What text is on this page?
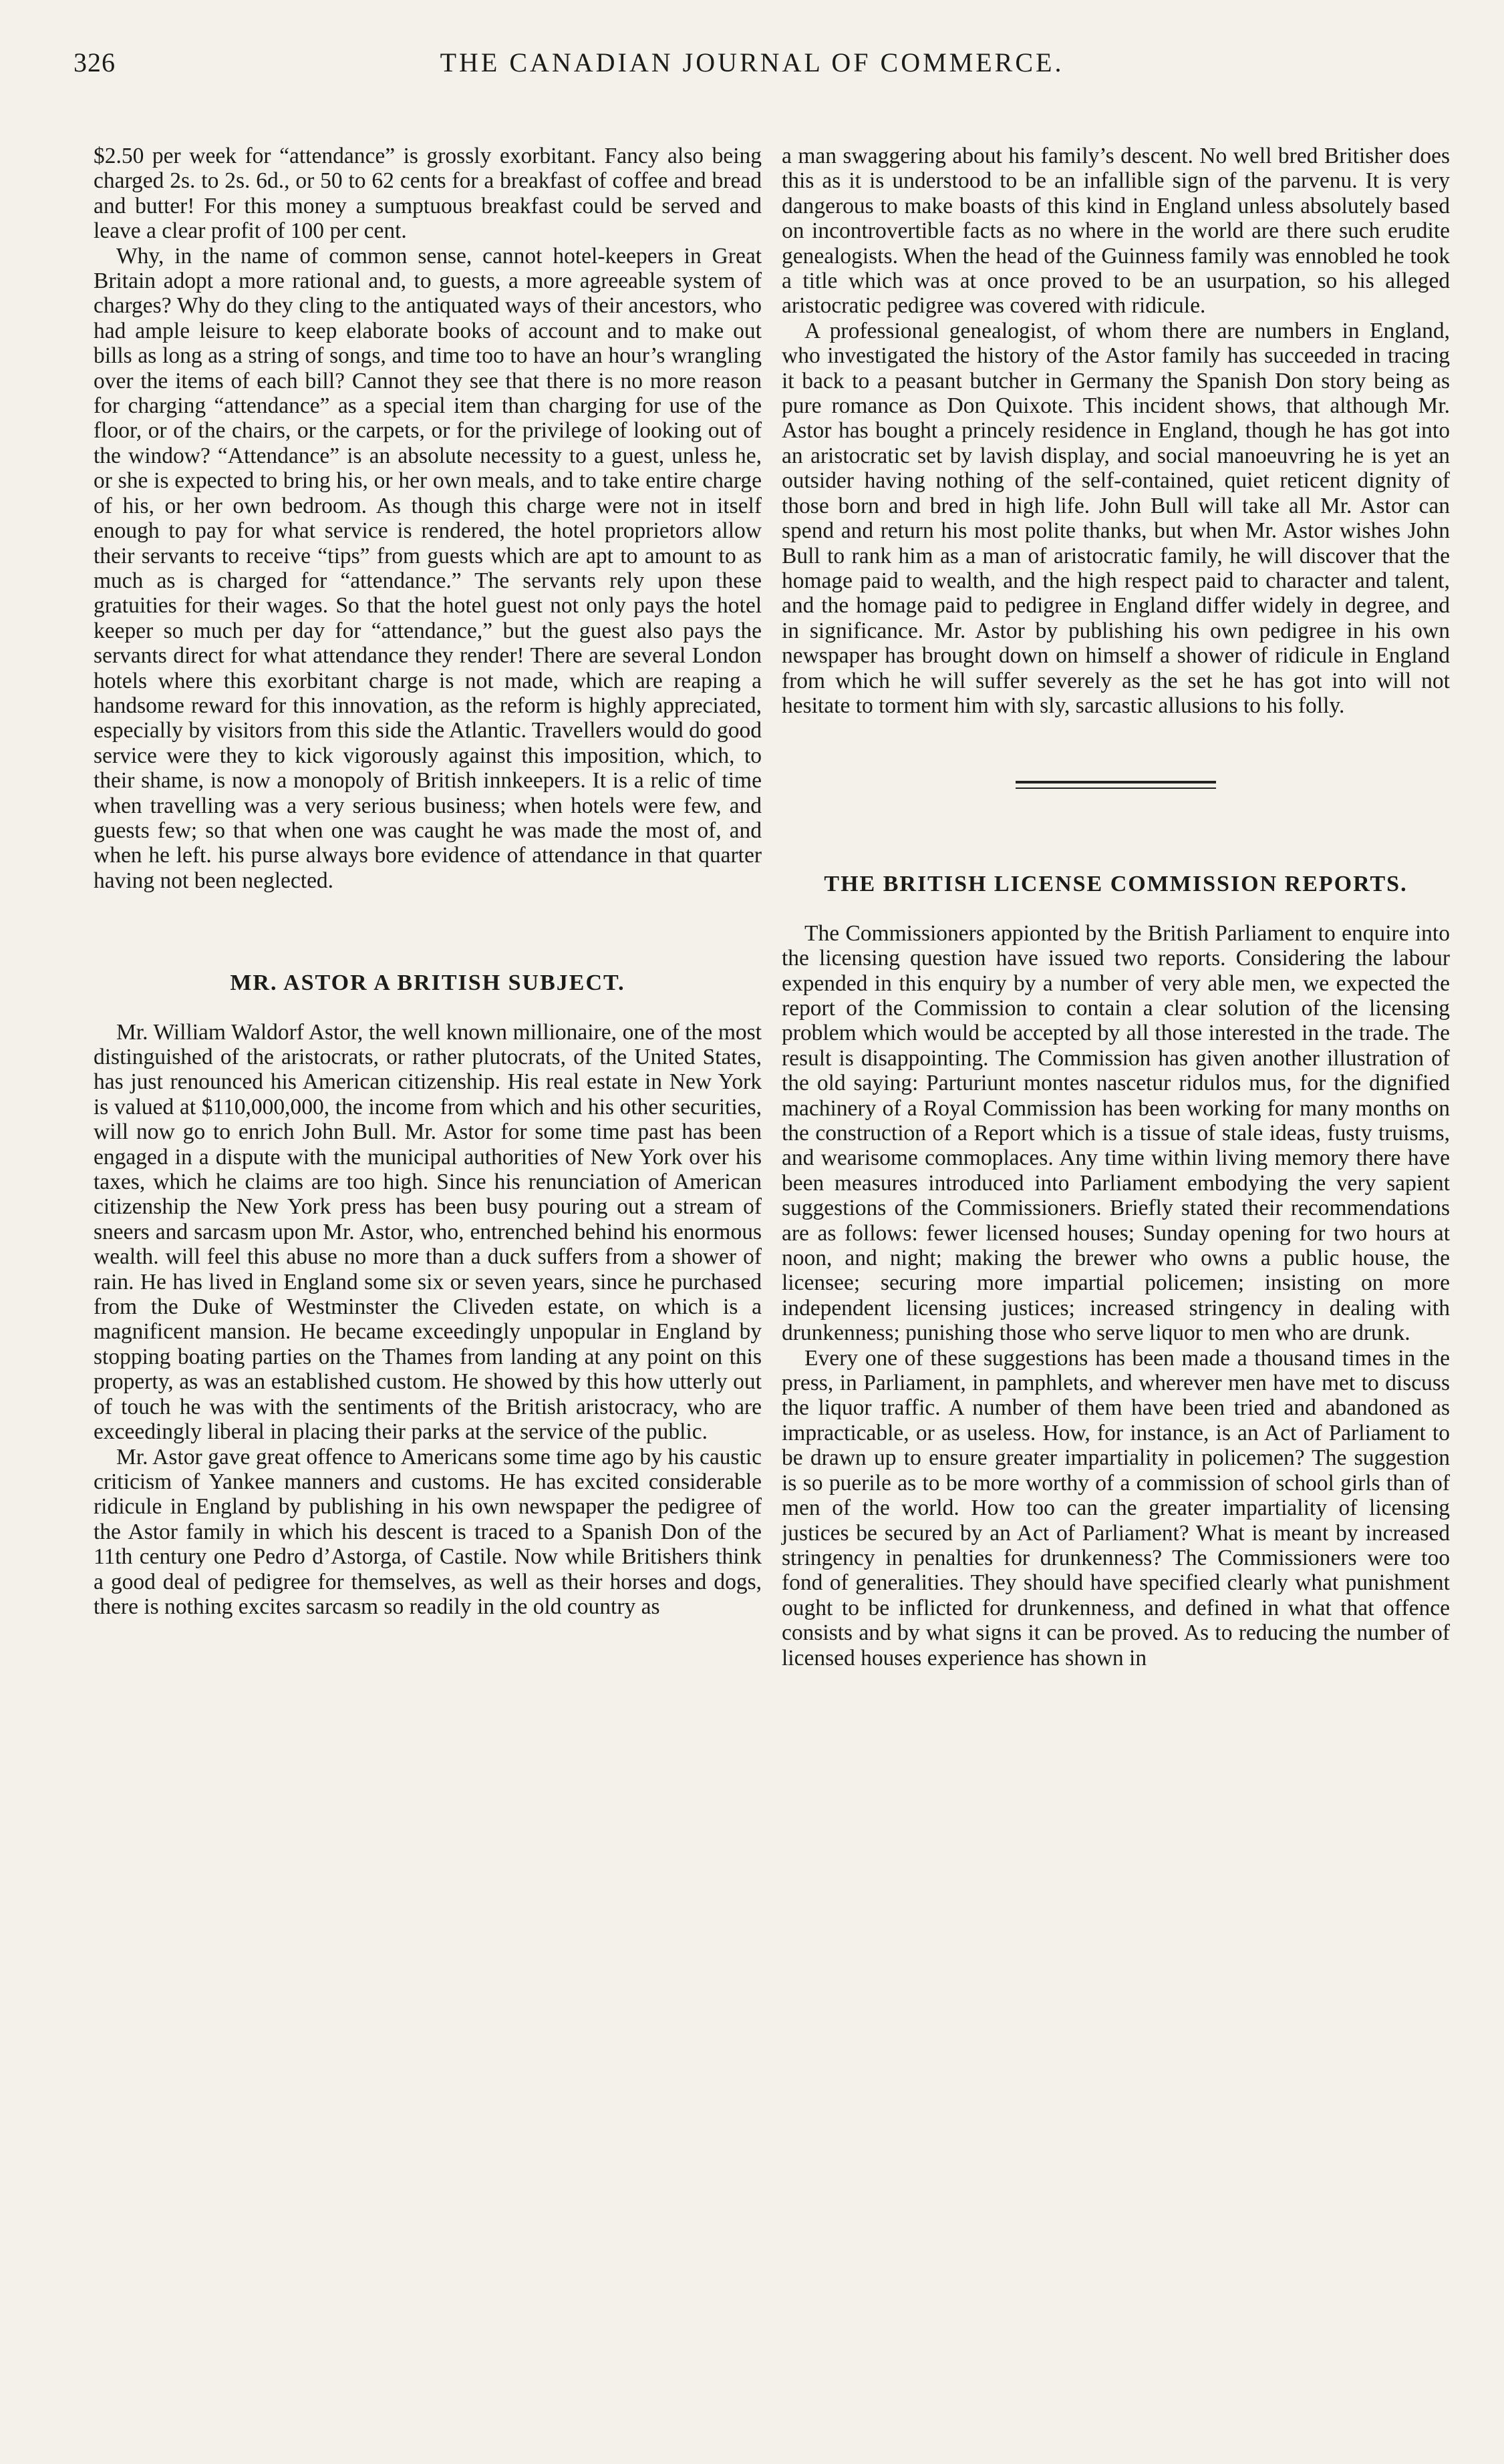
326	THE CANADIAN JOURNAL OF COMMERCE.

$2.50 per week for “attendance” is grossly exorbitant. Fancy also being charged 2s. to 2s. 6d., or 50 to 62 cents for a breakfast of coffee and bread and butter! For this money a sumptuous breakfast could be served and leave a clear profit of 100 per cent.

Why, in the name of common sense, cannot hotel-keepers in Great Britain adopt a more rational and, to guests, a more agreeable system of charges? Why do they cling to the antiquated ways of their ancestors, who had ample leisure to keep elaborate books of account and to make out bills as long as a string of songs, and time too to have an hour’s wrangling over the items of each bill? Cannot they see that there is no more reason for charging “attendance” as a special item than charging for use of the floor, or of the chairs, or the carpets, or for the privilege of looking out of the window? “Attendance” is an absolute necessity to a guest, unless he, or she is expected to bring his, or her own meals, and to take entire charge of his, or her own bedroom. As though this charge were not in itself enough to pay for what service is rendered, the hotel proprietors allow their servants to receive “tips” from guests which are apt to amount to as much as is charged for “attendance.” The servants rely upon these gratuities for their wages. So that the hotel guest not only pays the hotel keeper so much per day for “attendance,” but the guest also pays the servants direct for what attendance they render! There are several London hotels where this exorbitant charge is not made, which are reaping a handsome reward for this innovation, as the reform is highly appreciated, especially by visitors from this side the Atlantic. Travellers would do good service were they to kick vigorously against this imposition, which, to their shame, is now a monopoly of British innkeepers. It is a relic of time when travelling was a very serious business; when hotels were few, and guests few; so that when one was caught he was made the most of, and when he left. his purse always bore evidence of attendance in that quarter having not been neglected.

MR. ASTOR A BRITISH SUBJECT.

Mr. William Waldorf Astor, the well known millionaire, one of the most distinguished of the aristocrats, or rather plutocrats, of the United States, has just renounced his American citizenship. His real estate in New York is valued at $110,000,000, the income from which and his other securities, will now go to enrich John Bull. Mr. Astor for some time past has been engaged in a dispute with the municipal authorities of New York over his taxes, which he claims are too high. Since his renunciation of American citizenship the New York press has been busy pouring out a stream of sneers and sarcasm upon Mr. Astor, who, entrenched behind his enormous wealth. will feel this abuse no more than a duck suffers from a shower of rain. He has lived in England some six or seven years, since he purchased from the Duke of Westminster the Cliveden estate, on which is a magnificent mansion. He became exceedingly unpopular in England by stopping boating parties on the Thames from landing at any point on this property, as was an established custom. He showed by this how utterly out of touch he was with the sentiments of the British aristocracy, who are exceedingly liberal in placing their parks at the service of the public.

Mr. Astor gave great offence to Americans some time ago by his caustic criticism of Yankee manners and customs. He has excited considerable ridicule in England by publishing in his own newspaper the pedigree of the Astor family in which his descent is traced to a Spanish Don of the 11th century one Pedro d’Astorga, of Castile. Now while Britishers think a good deal of pedigree for themselves, as well as their horses and dogs, there is nothing excites sarcasm so readily in the old country as

a man swaggering about his family’s descent. No well bred Britisher does this as it is understood to be an infallible sign of the parvenu. It is very dangerous to make boasts of this kind in England unless absolutely based on incontrovertible facts as no where in the world are there such erudite genealogists. When the head of the Guinness family was ennobled he took a title which was at once proved to be an usurpation, so his alleged aristocratic pedigree was covered with ridicule.

A professional genealogist, of whom there are numbers in England, who investigated the history of the Astor family has succeeded in tracing it back to a peasant butcher in Germany the Spanish Don story being as pure romance as Don Quixote. This incident shows, that although Mr. Astor has bought a princely residence in England, though he has got into an aristocratic set by lavish display, and social manoeuvring he is yet an outsider having nothing of the self-contained, quiet reticent dignity of those born and bred in high life. John Bull will take all Mr. Astor can spend and return his most polite thanks, but when Mr. Astor wishes John Bull to rank him as a man of aristocratic family, he will discover that the homage paid to wealth, and the high respect paid to character and talent, and the homage paid to pedigree in England differ widely in degree, and in significance. Mr. Astor by publishing his own pedigree in his own newspaper has brought down on himself a shower of ridicule in England from which he will suffer severely as the set he has got into will not hesitate to torment him with sly, sarcastic allusions to his folly.

THE BRITISH LICENSE COMMISSION REPORTS.

The Commissioners appionted by the British Parliament to enquire into the licensing question have issued two reports. Considering the labour expended in this enquiry by a number of very able men, we expected the report of the Commission to contain a clear solution of the licensing problem which would be accepted by all those interested in the trade. The result is disappointing. The Commission has given another illustration of the old saying: Parturiunt montes nascetur ridulos mus, for the dignified machinery of a Royal Commission has been working for many months on the construction of a Report which is a tissue of stale ideas, fusty truisms, and wearisome commoplaces. Any time within living memory there have been measures introduced into Parliament embodying the very sapient suggestions of the Commissioners. Briefly stated their recommendations are as follows: fewer licensed houses; Sunday opening for two hours at noon, and night; making the brewer who owns a public house, the licensee; securing more impartial policemen; insisting on more independent licensing justices; increased stringency in dealing with drunkenness; punishing those who serve liquor to men who are drunk.

Every one of these suggestions has been made a thousand times in the press, in Parliament, in pamphlets, and wherever men have met to discuss the liquor traffic. A number of them have been tried and abandoned as impracticable, or as useless. How, for instance, is an Act of Parliament to be drawn up to ensure greater impartiality in policemen? The suggestion is so puerile as to be more worthy of a commission of school girls than of men of the world. How too can the greater impartiality of licensing justices be secured by an Act of Parliament? What is meant by increased stringency in penalties for drunkenness? The Commissioners were too fond of generalities. They should have specified clearly what punishment ought to be inflicted for drunkenness, and defined in what that offence consists and by what signs it can be proved. As to reducing the number of licensed houses experience has shown in
